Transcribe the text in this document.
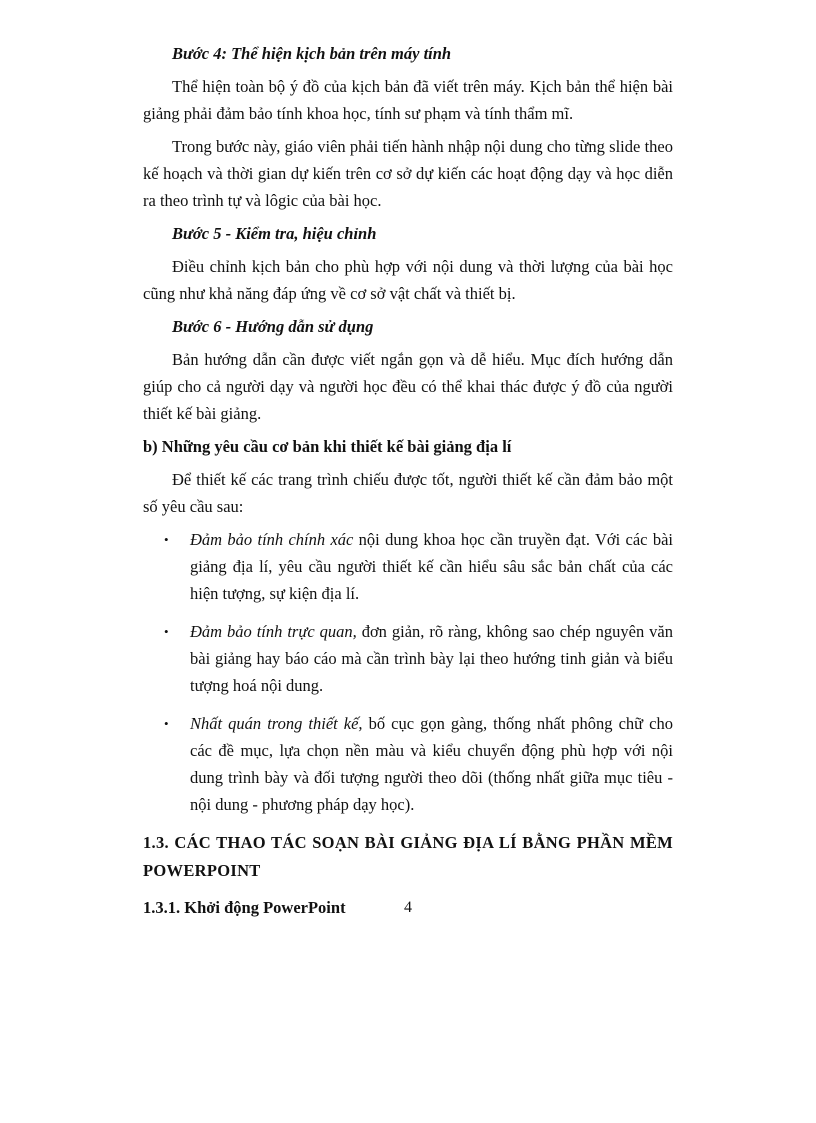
Bước 4: Thể hiện kịch bản trên máy tính

Thể hiện toàn bộ ý đồ của kịch bản đã viết trên máy. Kịch bản thể hiện bài giảng phải đảm bảo tính khoa học, tính sư phạm và tính thẩm mĩ.

Trong bước này, giáo viên phải tiến hành nhập nội dung cho từng slide theo kế hoạch và thời gian dự kiến trên cơ sở dự kiến các hoạt động dạy và học diễn ra theo trình tự và lôgic của bài học.

Bước 5 - Kiểm tra, hiệu chỉnh

Điều chỉnh kịch bản cho phù hợp với nội dung và thời lượng của bài học cũng như khả năng đáp ứng về cơ sở vật chất và thiết bị.

Bước 6 - Hướng dẫn sử dụng

Bản hướng dẫn cần được viết ngắn gọn và dễ hiểu. Mục đích hướng dẫn giúp cho cả người dạy và người học đều có thể khai thác được ý đồ của người thiết kế bài giảng.

b) Những yêu cầu cơ bản khi thiết kế bài giảng địa lí

Để thiết kế các trang trình chiếu được tốt, người thiết kế cần đảm bảo một số yêu cầu sau:

• Đảm bảo tính chính xác nội dung khoa học cần truyền đạt. Với các bài giảng địa lí, yêu cầu người thiết kế cần hiểu sâu sắc bản chất của các hiện tượng, sự kiện địa lí.
• Đảm bảo tính trực quan, đơn giản, rõ ràng, không sao chép nguyên văn bài giảng hay báo cáo mà cần trình bày lại theo hướng tinh giản và biểu tượng hoá nội dung.
• Nhất quán trong thiết kế, bố cục gọn gàng, thống nhất phông chữ cho các đề mục, lựa chọn nền màu và kiểu chuyển động phù hợp với nội dung trình bày và đối tượng người theo dõi (thống nhất giữa mục tiêu - nội dung - phương pháp dạy học).

1.3. CÁC THAO TÁC SOẠN BÀI GIẢNG ĐỊA LÍ BẰNG PHẦN MỀM POWERPOINT

1.3.1. Khởi động PowerPoint	4
